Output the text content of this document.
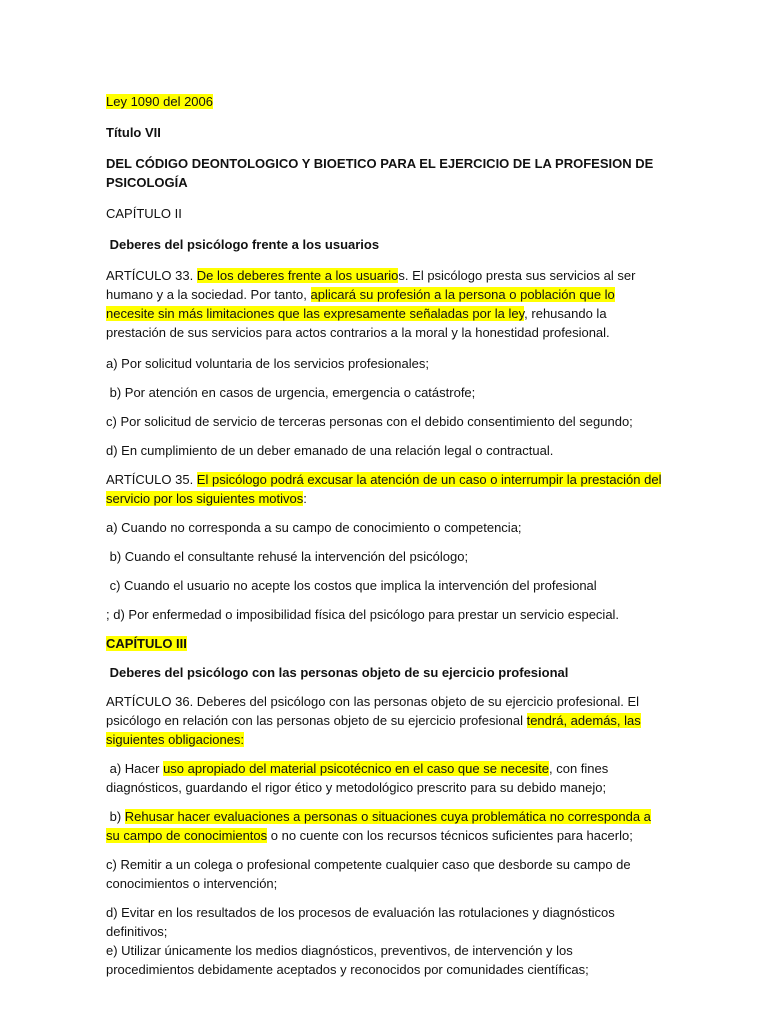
Ley 1090 del 2006

Título VII

DEL CÓDIGO DEONTOLOGICO Y BIOETICO PARA EL EJERCICIO DE LA PROFESION DE PSICOLOGÍA

CAPÍTULO II

Deberes del psicólogo frente a los usuarios

ARTÍCULO 33. De los deberes frente a los usuarios. El psicólogo presta sus servicios al ser humano y a la sociedad. Por tanto, aplicará su profesión a la persona o población que lo necesite sin más limitaciones que las expresamente señaladas por la ley, rehusando la prestación de sus servicios para actos contrarios a la moral y la honestidad profesional.

a) Por solicitud voluntaria de los servicios profesionales;

b) Por atención en casos de urgencia, emergencia o catástrofe;

c) Por solicitud de servicio de terceras personas con el debido consentimiento del segundo;

d) En cumplimiento de un deber emanado de una relación legal o contractual.

ARTÍCULO 35. El psicólogo podrá excusar la atención de un caso o interrumpir la prestación del servicio por los siguientes motivos:

a) Cuando no corresponda a su campo de conocimiento o competencia;

b) Cuando el consultante rehusé la intervención del psicólogo;

c) Cuando el usuario no acepte los costos que implica la intervención del profesional

; d) Por enfermedad o imposibilidad física del psicólogo para prestar un servicio especial.

CAPÍTULO III

Deberes del psicólogo con las personas objeto de su ejercicio profesional

ARTÍCULO 36. Deberes del psicólogo con las personas objeto de su ejercicio profesional. El psicólogo en relación con las personas objeto de su ejercicio profesional tendrá, además, las siguientes obligaciones:

a) Hacer uso apropiado del material psicotécnico en el caso que se necesite, con fines diagnósticos, guardando el rigor ético y metodológico prescrito para su debido manejo;

b) Rehusar hacer evaluaciones a personas o situaciones cuya problemática no corresponda a su campo de conocimientos o no cuente con los recursos técnicos suficientes para hacerlo;

c) Remitir a un colega o profesional competente cualquier caso que desborde su campo de conocimientos o intervención;

d) Evitar en los resultados de los procesos de evaluación las rotulaciones y diagnósticos definitivos;

e) Utilizar únicamente los medios diagnósticos, preventivos, de intervención y los procedimientos debidamente aceptados y reconocidos por comunidades científicas;
